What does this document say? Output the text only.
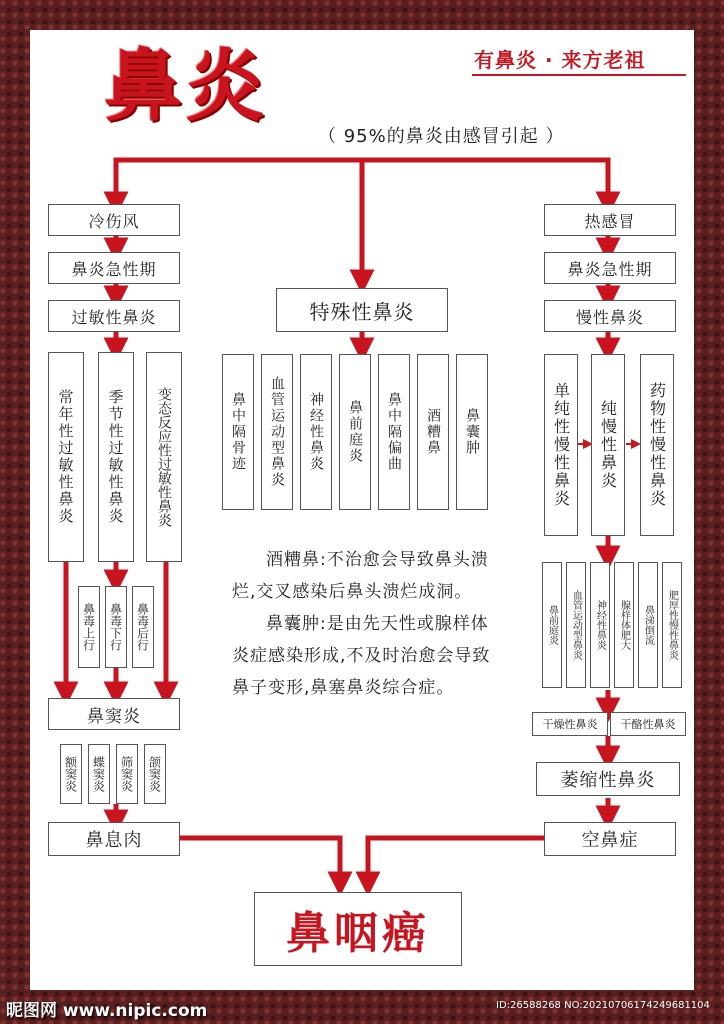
鼻炎
（ 95%的鼻炎由感冒引起 ）
有鼻炎 · 来方老祖
冷伤风
鼻炎急性期
过敏性鼻炎
常年性过敏性鼻炎	季节性过敏性鼻炎	变态反应性过敏性鼻炎
鼻毒上行	鼻毒下行	鼻毒后行
鼻窦炎
额窦炎	蝶窦炎	筛窦炎	颌窦炎
鼻息肉
特殊性鼻炎
鼻中隔骨迹	血管运动型鼻炎	神经性鼻炎	鼻前庭炎	鼻中隔偏曲	酒糟鼻	鼻囊肿

酒糟鼻:不治愈会导致鼻头溃烂,交叉感染后鼻头溃烂成洞。

鼻囊肿:是由先天性或腺样体炎症感染形成,不及时治愈会导致鼻子变形,鼻塞鼻炎综合症。

热感冒
鼻炎急性期
慢性鼻炎
单纯性慢性鼻炎	纯慢性鼻炎	药物性慢性鼻炎
鼻前庭炎	血管运动型鼻炎	神经性鼻炎	腺样体肥大	鼻涕倒流	肥厚性慢性鼻炎
干燥性鼻炎	干酪性鼻炎
萎缩性鼻炎
空鼻症
鼻咽癌
昵图网 www.nipic.com	ID:26588268 NO:20210706174249681104
